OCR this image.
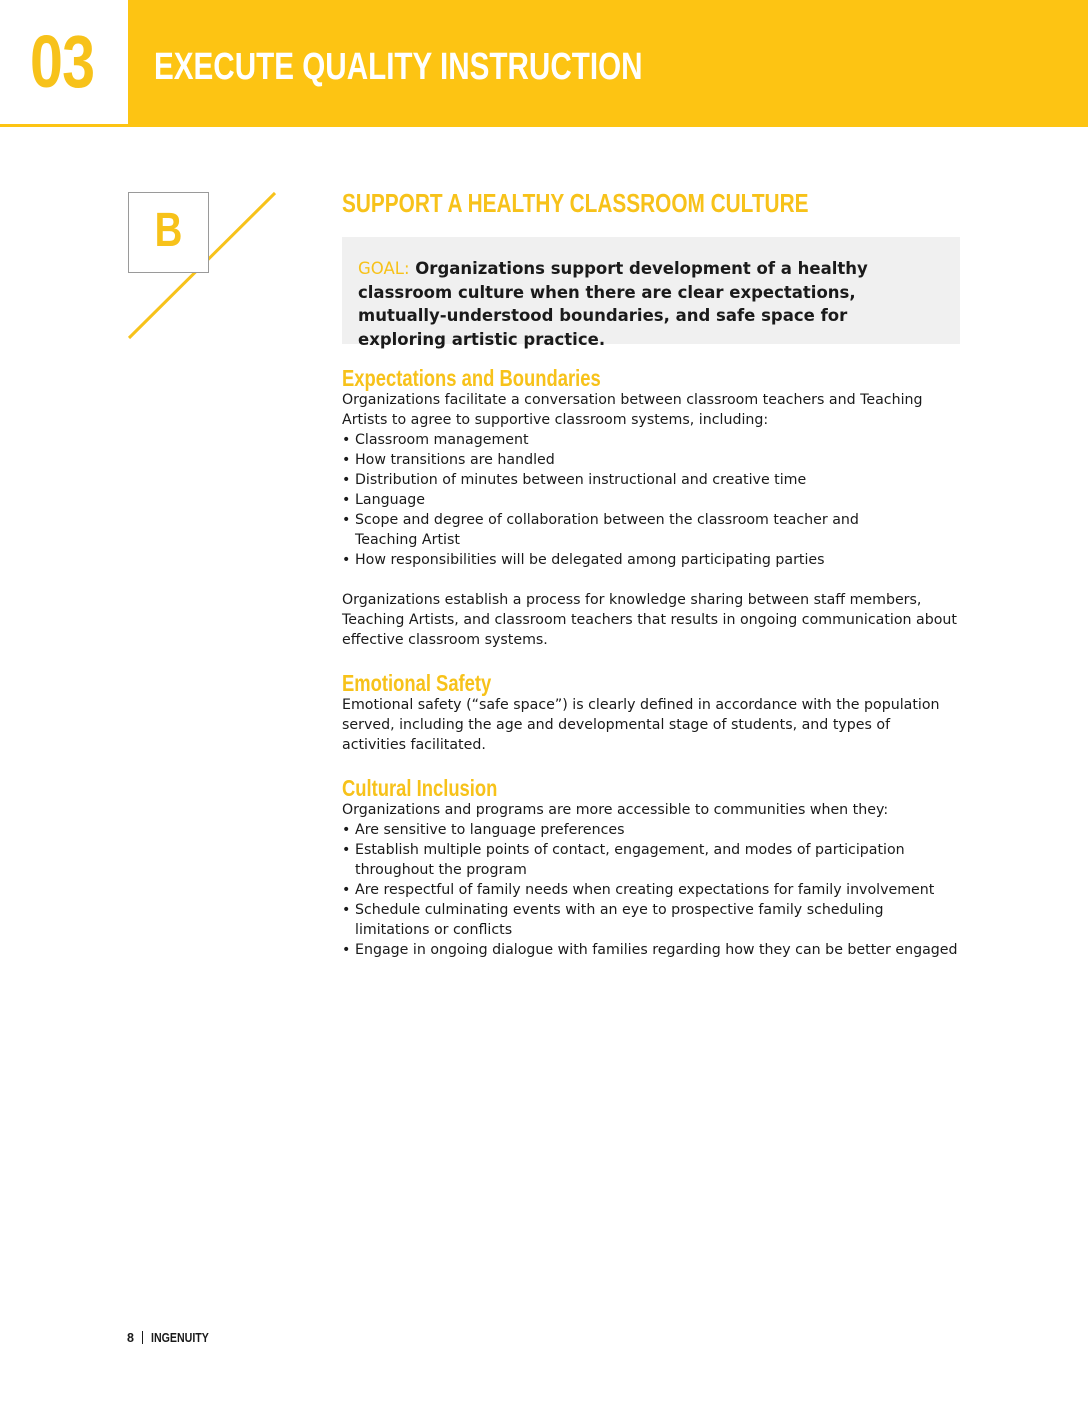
03 EXECUTE QUALITY INSTRUCTION
B
SUPPORT A HEALTHY CLASSROOM CULTURE
GOAL: Organizations support development of a healthy classroom culture when there are clear expectations, mutually-understood boundaries, and safe space for exploring artistic practice.
Expectations and Boundaries

Organizations facilitate a conversation between classroom teachers and Teaching Artists to agree to supportive classroom systems, including:

• Classroom management
• How transitions are handled
• Distribution of minutes between instructional and creative time
• Language
• Scope and degree of collaboration between the classroom teacher and Teaching Artist
• How responsibilities will be delegated among participating parties
Organizations establish a process for knowledge sharing between staff members, Teaching Artists, and classroom teachers that results in ongoing communication about effective classroom systems.
Emotional Safety
Emotional safety (“safe space”) is clearly defined in accordance with the population served, including the age and developmental stage of students, and types of activities facilitated.
Cultural Inclusion

Organizations and programs are more accessible to communities when they:

• Are sensitive to language preferences
• Establish multiple points of contact, engagement, and modes of participation throughout the program
• Are respectful of family needs when creating expectations for family involvement
• Schedule culminating events with an eye to prospective family scheduling limitations or conflicts
• Engage in ongoing dialogue with families regarding how they can be better engaged
8 INGENUITY
